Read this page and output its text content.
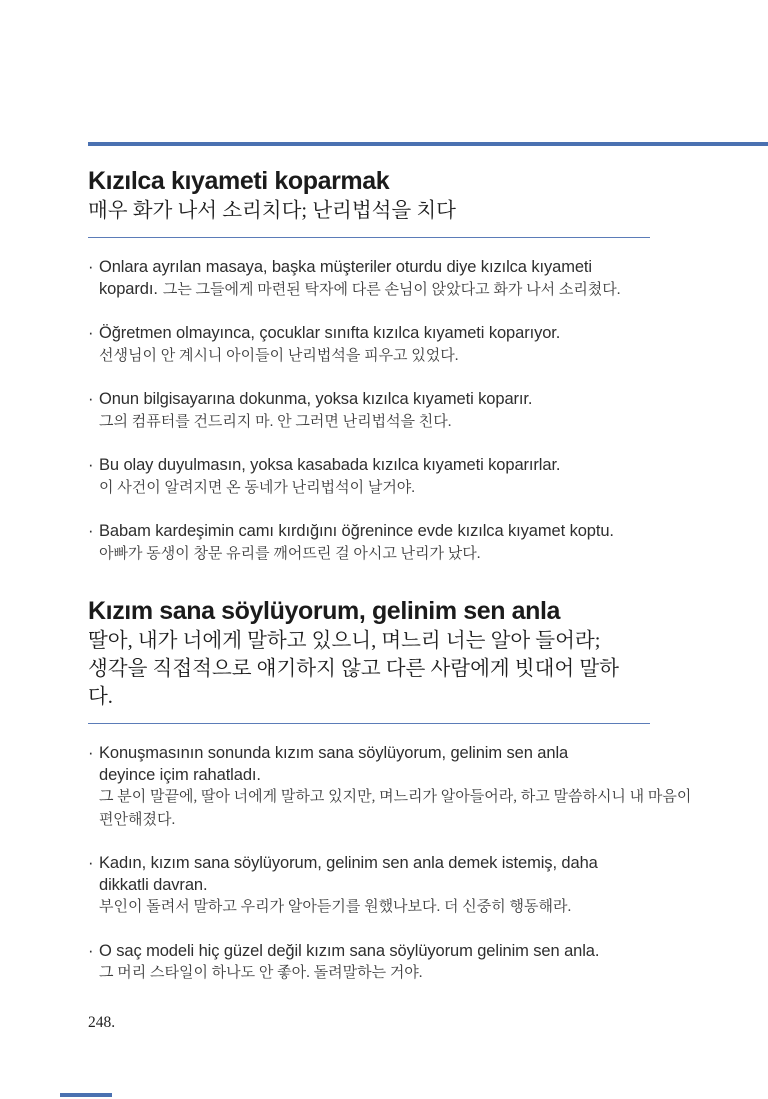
Kızılca kıyameti koparmak
매우 화가 나서 소리치다; 난리법석을 치다
· Onlara ayrılan masaya, başka müşteriler oturdu diye kızılca kıyameti
kopardı. 그는 그들에게 마련된 탁자에 다른 손님이 앉았다고 화가 나서 소리쳤다.
· Öğretmen olmayınca, çocuklar sınıfta kızılca kıyameti koparıyor.
선생님이 안 계시니 아이들이 난리법석을 피우고 있었다.
· Onun bilgisayarına dokunma, yoksa kızılca kıyameti koparır.
그의 컴퓨터를 건드리지 마. 안 그러면 난리법석을 친다.
· Bu olay duyulmasın, yoksa kasabada kızılca kıyameti koparırlar.
이 사건이 알려지면 온 동네가 난리법석이 날거야.
· Babam kardeşimin camı kırdığını öğrenince evde kızılca kıyamet koptu.
아빠가 동생이 창문 유리를 깨어뜨린 걸 아시고 난리가 났다.
Kızım sana söylüyorum, gelinim sen anla
딸아, 내가 너에게 말하고 있으니, 며느리 너는 알아 들어라;
생각을 직접적으로 얘기하지 않고 다른 사람에게 빗대어 말하
다.
· Konuşmasının sonunda kızım sana söylüyorum, gelinim sen anla
deyince içim rahatladı.
그 분이 말끝에, 딸아 너에게 말하고 있지만, 며느리가 알아들어라, 하고 말씀하시니 내 마음이
편안해졌다.
· Kadın, kızım sana söylüyorum, gelinim sen anla demek istemiş, daha
dikkatli davran.
부인이 돌려서 말하고 우리가 알아듣기를 원했나보다. 더 신중히 행동해라.
· O saç modeli hiç güzel değil kızım sana söylüyorum gelinim sen anla.
그 머리 스타일이 하나도 안 좋아. 돌려말하는 거야.
248.
